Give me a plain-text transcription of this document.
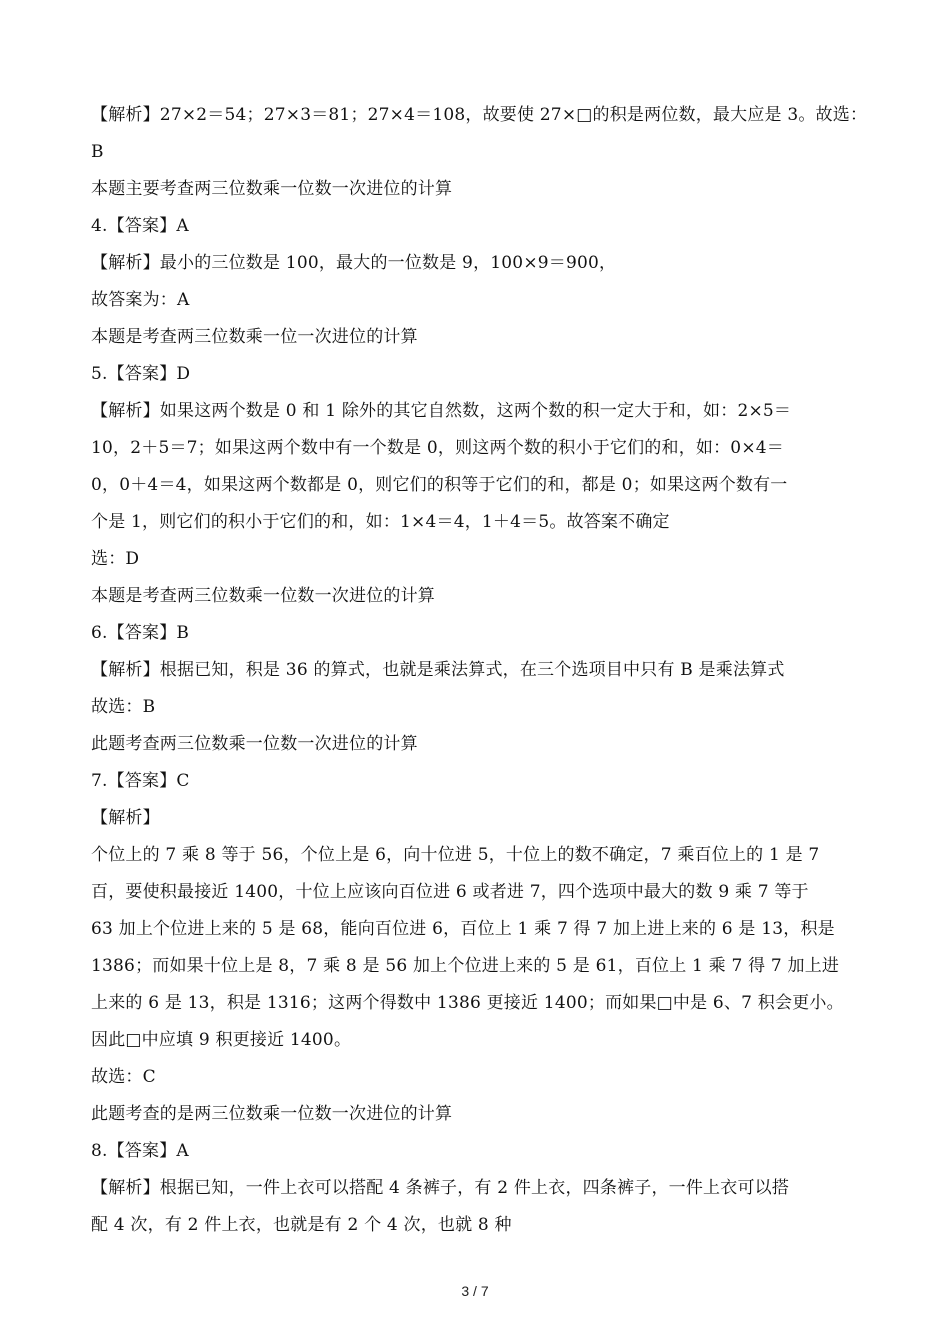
【解析】27×2＝54；27×3＝81；27×4＝108，故要使 27×□的积是两位数，最大应是 3。故选：
B
本题主要考查两三位数乘一位数一次进位的计算
4.【答案】A
【解析】最小的三位数是 100，最大的一位数是 9，100×9＝900，
故答案为：A
本题是考查两三位数乘一位一次进位的计算
5.【答案】D
【解析】如果这两个数是 0 和 1 除外的其它自然数，这两个数的积一定大于和，如：2×5＝
10，2＋5＝7；如果这两个数中有一个数是 0，则这两个数的积小于它们的和，如：0×4＝
0，0＋4＝4，如果这两个数都是 0，则它们的积等于它们的和，都是 0；如果这两个数有一
个是 1，则它们的积小于它们的和，如：1×4＝4，1＋4＝5。故答案不确定
选：D
本题是考查两三位数乘一位数一次进位的计算
6.【答案】B
【解析】根据已知，积是 36 的算式，也就是乘法算式，在三个选项目中只有 B 是乘法算式
故选：B
此题考查两三位数乘一位数一次进位的计算
7.【答案】C
【解析】
个位上的 7 乘 8 等于 56，个位上是 6，向十位进 5，十位上的数不确定，7 乘百位上的 1 是 7
百，要使积最接近 1400，十位上应该向百位进 6 或者进 7，四个选项中最大的数 9 乘 7 等于
63 加上个位进上来的 5 是 68，能向百位进 6，百位上 1 乘 7 得 7 加上进上来的 6 是 13，积是
1386；而如果十位上是 8，7 乘 8 是 56 加上个位进上来的 5 是 61，百位上 1 乘 7 得 7 加上进
上来的 6 是 13，积是 1316；这两个得数中 1386 更接近 1400；而如果□中是 6、7 积会更小。
因此□中应填 9 积更接近 1400。
故选：C
此题考查的是两三位数乘一位数一次进位的计算
8.【答案】A
【解析】根据已知，一件上衣可以搭配 4 条裤子，有 2 件上衣，四条裤子，一件上衣可以搭
配 4 次，有 2 件上衣，也就是有 2 个 4 次，也就 8 种
3 / 7
